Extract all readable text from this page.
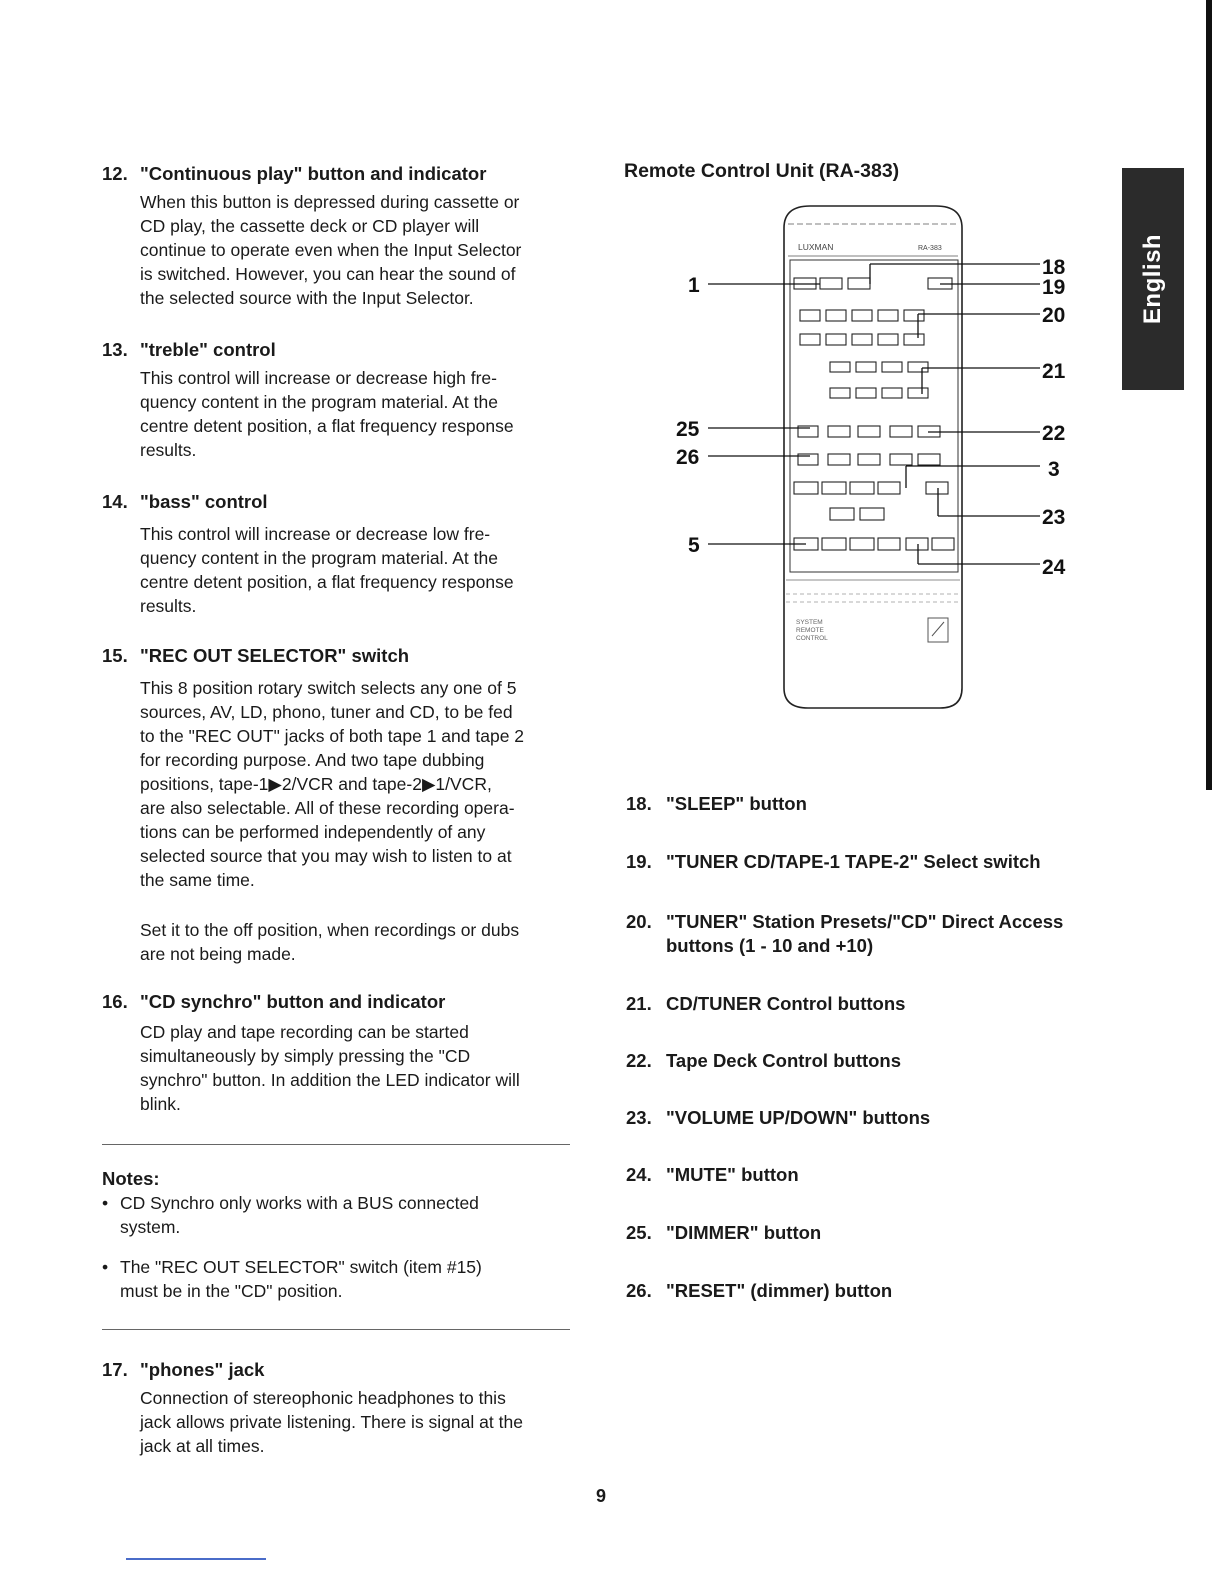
English
12. "Continuous play" button and indicator
When this button is depressed during cassette or
CD play, the cassette deck or CD player will
continue to operate even when the Input Selector
is switched. However, you can hear the sound of
the selected source with the Input Selector.
13. "treble" control
This control will increase or decrease high fre-
quency content in the program material. At the
centre detent position, a flat frequency response
results.
14. "bass" control
This control will increase or decrease low fre-
quency content in the program material. At the
centre detent position, a flat frequency response
results.
15. "REC OUT SELECTOR" switch
This 8 position rotary switch selects any one of 5
sources, AV, LD, phono, tuner and CD, to be fed
to the "REC OUT" jacks of both tape 1 and tape 2
for recording purpose. And two tape dubbing
positions, tape-1▶2/VCR and tape-2▶1/VCR,
are also selectable. All of these recording opera-
tions can be performed independently of any
selected source that you may wish to listen to at
the same time.
Set it to the off position, when recordings or dubs
are not being made.
16. "CD synchro" button and indicator
CD play and tape recording can be started
simultaneously by simply pressing the "CD
synchro" button. In addition the LED indicator will
blink.
Notes:
• CD Synchro only works with a BUS connected
system.
• The "REC OUT SELECTOR" switch (item #15)
must be in the "CD" position.
17. "phones" jack
Connection of stereophonic headphones to this
jack allows private listening. There is signal at the
jack at all times.
Remote Control Unit (RA-383)
LUXMAN	RA-383
SYSTEM
REMOTE
CONTROL
1
25
26
5
18
19
20
21
22
3
23
24
18. "SLEEP" button
19. "TUNER CD/TAPE-1 TAPE-2" Select switch
20. "TUNER" Station Presets/"CD" Direct Access
buttons (1 - 10 and +10)
21. CD/TUNER Control buttons
22. Tape Deck Control buttons
23. "VOLUME UP/DOWN" buttons
24. "MUTE" button
25. "DIMMER" button
26. "RESET" (dimmer) button
9
